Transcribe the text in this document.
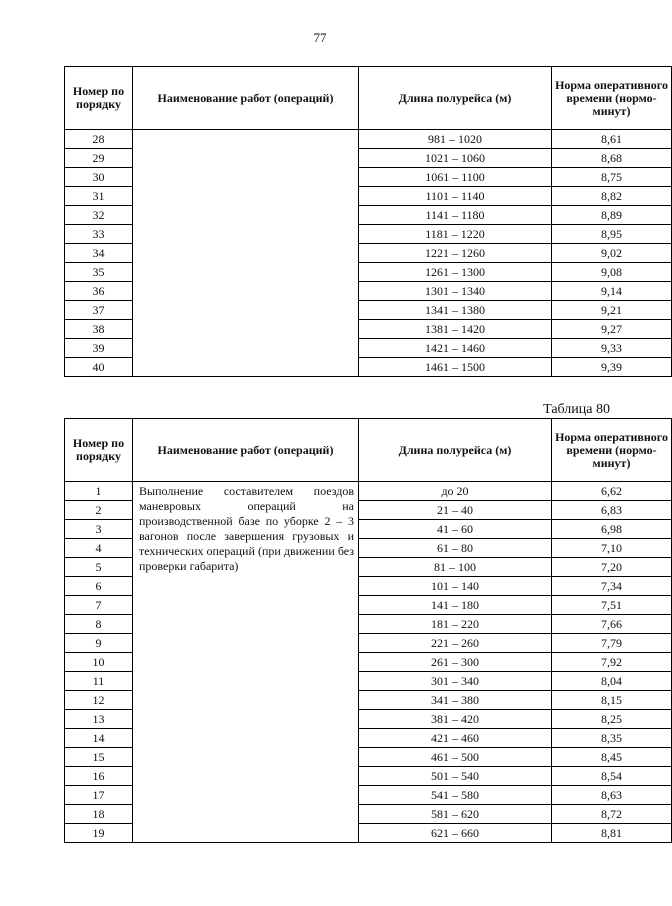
77
Номер по порядку	Наименование работ (операций)	Длина полурейса (м)	Норма оперативного времени (нормо-минут)
28		981 – 1020	8,61
29		1021 – 1060	8,68
30		1061 – 1100	8,75
31		1101 – 1140	8,82
32		1141 – 1180	8,89
33		1181 – 1220	8,95
34		1221 – 1260	9,02
35		1261 – 1300	9,08
36		1301 – 1340	9,14
37		1341 – 1380	9,21
38		1381 – 1420	9,27
39		1421 – 1460	9,33
40		1461 – 1500	9,39
Таблица 80
Номер по порядку	Наименование работ (операций)	Длина полурейса (м)	Норма оперативного времени (нормо-минут)
1	Выполнение составителем поездов маневровых операций на производственной базе по уборке 2 – 3 вагонов после завершения грузовых и технических операций (при движении без проверки габарита)	до 20	6,62
2		21 – 40	6,83
3		41 – 60	6,98
4		61 – 80	7,10
5		81 – 100	7,20
6		101 – 140	7,34
7		141 – 180	7,51
8		181 – 220	7,66
9		221 – 260	7,79
10		261 – 300	7,92
11		301 – 340	8,04
12		341 – 380	8,15
13		381 – 420	8,25
14		421 – 460	8,35
15		461 – 500	8,45
16		501 – 540	8,54
17		541 – 580	8,63
18		581 – 620	8,72
19		621 – 660	8,81
